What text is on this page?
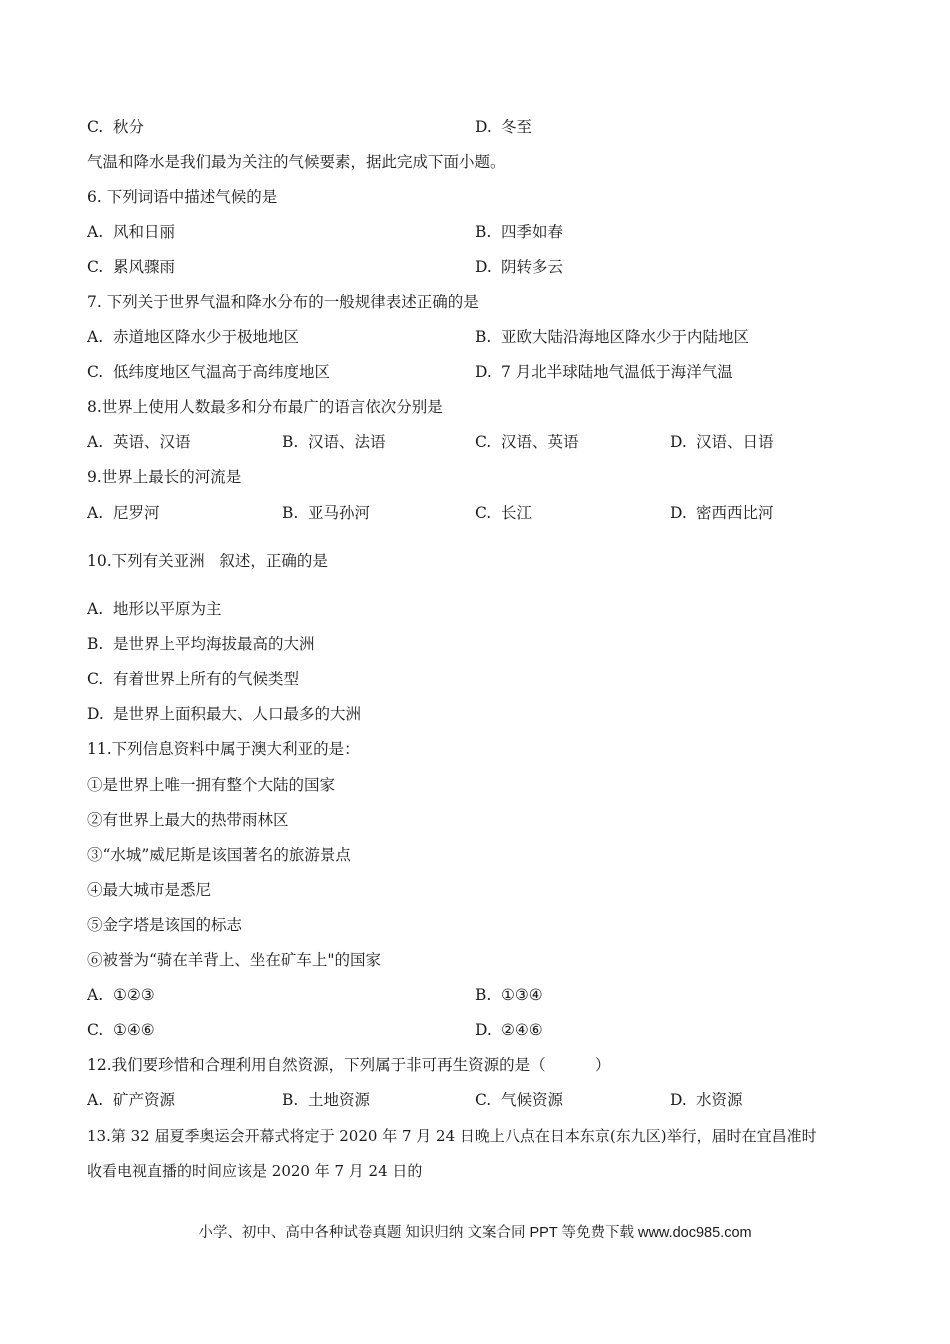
C. 秋分	D. 冬至
气温和降水是我们最为关注的气候要素，据此完成下面小题。
6. 下列词语中描述气候的是
A. 风和日丽	B. 四季如春
C. 累风骤雨	D. 阴转多云
7. 下列关于世界气温和降水分布的一般规律表述正确的是
A. 赤道地区降水少于极地地区	B. 亚欧大陆沿海地区降水少于内陆地区
C. 低纬度地区气温高于高纬度地区	D. 7 月北半球陆地气温低于海洋气温
8.世界上使用人数最多和分布最广的语言依次分别是
A. 英语、汉语	B. 汉语、法语	C. 汉语、英语	D. 汉语、日语
9.世界上最长的河流是
A. 尼罗河	B. 亚马孙河	C. 长江	D. 密西西比河
10.下列有关亚洲   叙述，正确的是
A. 地形以平原为主
B. 是世界上平均海拔最高的大洲
C. 有着世界上所有的气候类型
D. 是世界上面积最大、人口最多的大洲
11.下列信息资料中属于澳大利亚的是：
①是世界上唯一拥有整个大陆的国家
②有世界上最大的热带雨林区
③“水城”威尼斯是该国著名的旅游景点
④最大城市是悉尼
⑤金字塔是该国的标志
⑥被誉为“骑在羊背上、坐在矿车上"的国家
A. ①②③	B. ①③④
C. ①④⑥	D. ②④⑥
12.我们要珍惜和合理利用自然资源，下列属于非可再生资源的是（          ）
A. 矿产资源	B. 土地资源	C. 气候资源	D. 水资源
13.第 32 届夏季奥运会开幕式将定于 2020 年 7 月 24 日晚上八点在日本东京(东九区)举行，届时在宜昌准时
收看电视直播的时间应该是 2020 年 7 月 24 日的
小学、初中、高中各种试卷真题 知识归纳 文案合同 PPT 等免费下载 www.doc985.com
